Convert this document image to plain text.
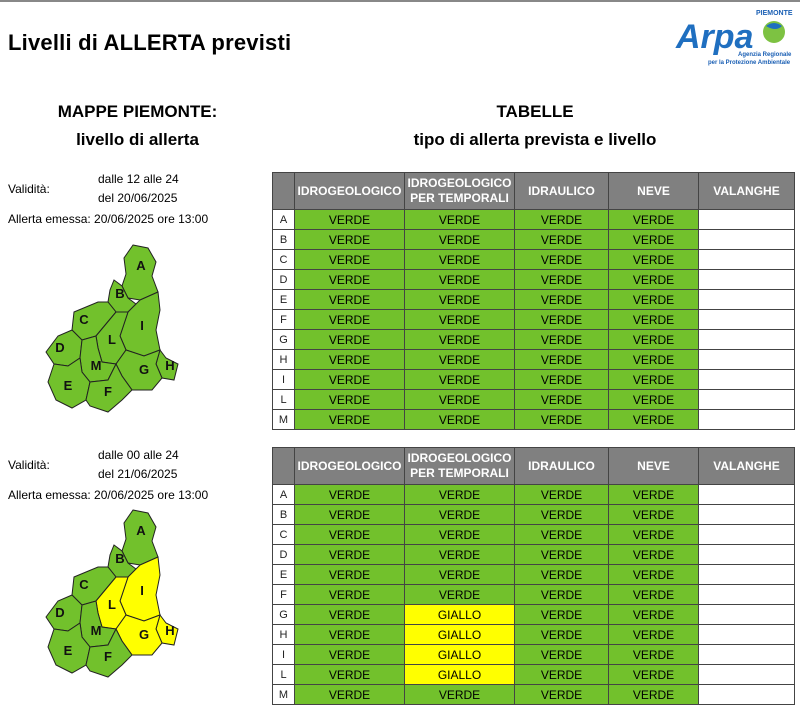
Livelli di ALLERTA previsti
PIEMONTE
Arpa
Agenzia Regionale
per la Protezione Ambientale
MAPPE PIEMONTE:
livello di allerta
TABELLE
tipo di allerta prevista e livello
Validità:
dalle 12 alle 24
del 20/06/2025
Allerta emessa: 20/06/2025 ore 13:00
A
B
C	I
L
D
H
G
M
E F
	IDROGEOLOGICO	IDROGEOLOGICO PER TEMPORALI	IDRAULICO	NEVE	VALANGHE
A	VERDE	VERDE	VERDE	VERDE	
B	VERDE	VERDE	VERDE	VERDE	
C	VERDE	VERDE	VERDE	VERDE	
D	VERDE	VERDE	VERDE	VERDE	
E	VERDE	VERDE	VERDE	VERDE	
F	VERDE	VERDE	VERDE	VERDE	
G	VERDE	VERDE	VERDE	VERDE	
H	VERDE	VERDE	VERDE	VERDE	
I	VERDE	VERDE	VERDE	VERDE	
L	VERDE	VERDE	VERDE	VERDE	
M	VERDE	VERDE	VERDE	VERDE	
Validità:
dalle 00 alle 24
del 21/06/2025
Allerta emessa: 20/06/2025 ore 13:00
A
B
C	I
L
D
H
G
M
E F
	IDROGEOLOGICO	IDROGEOLOGICO PER TEMPORALI	IDRAULICO	NEVE	VALANGHE
A	VERDE	VERDE	VERDE	VERDE	
B	VERDE	VERDE	VERDE	VERDE	
C	VERDE	VERDE	VERDE	VERDE	
D	VERDE	VERDE	VERDE	VERDE	
E	VERDE	VERDE	VERDE	VERDE	
F	VERDE	VERDE	VERDE	VERDE	
G	VERDE	GIALLO	VERDE	VERDE	
H	VERDE	GIALLO	VERDE	VERDE	
I	VERDE	GIALLO	VERDE	VERDE	
L	VERDE	GIALLO	VERDE	VERDE	
M	VERDE	VERDE	VERDE	VERDE	
